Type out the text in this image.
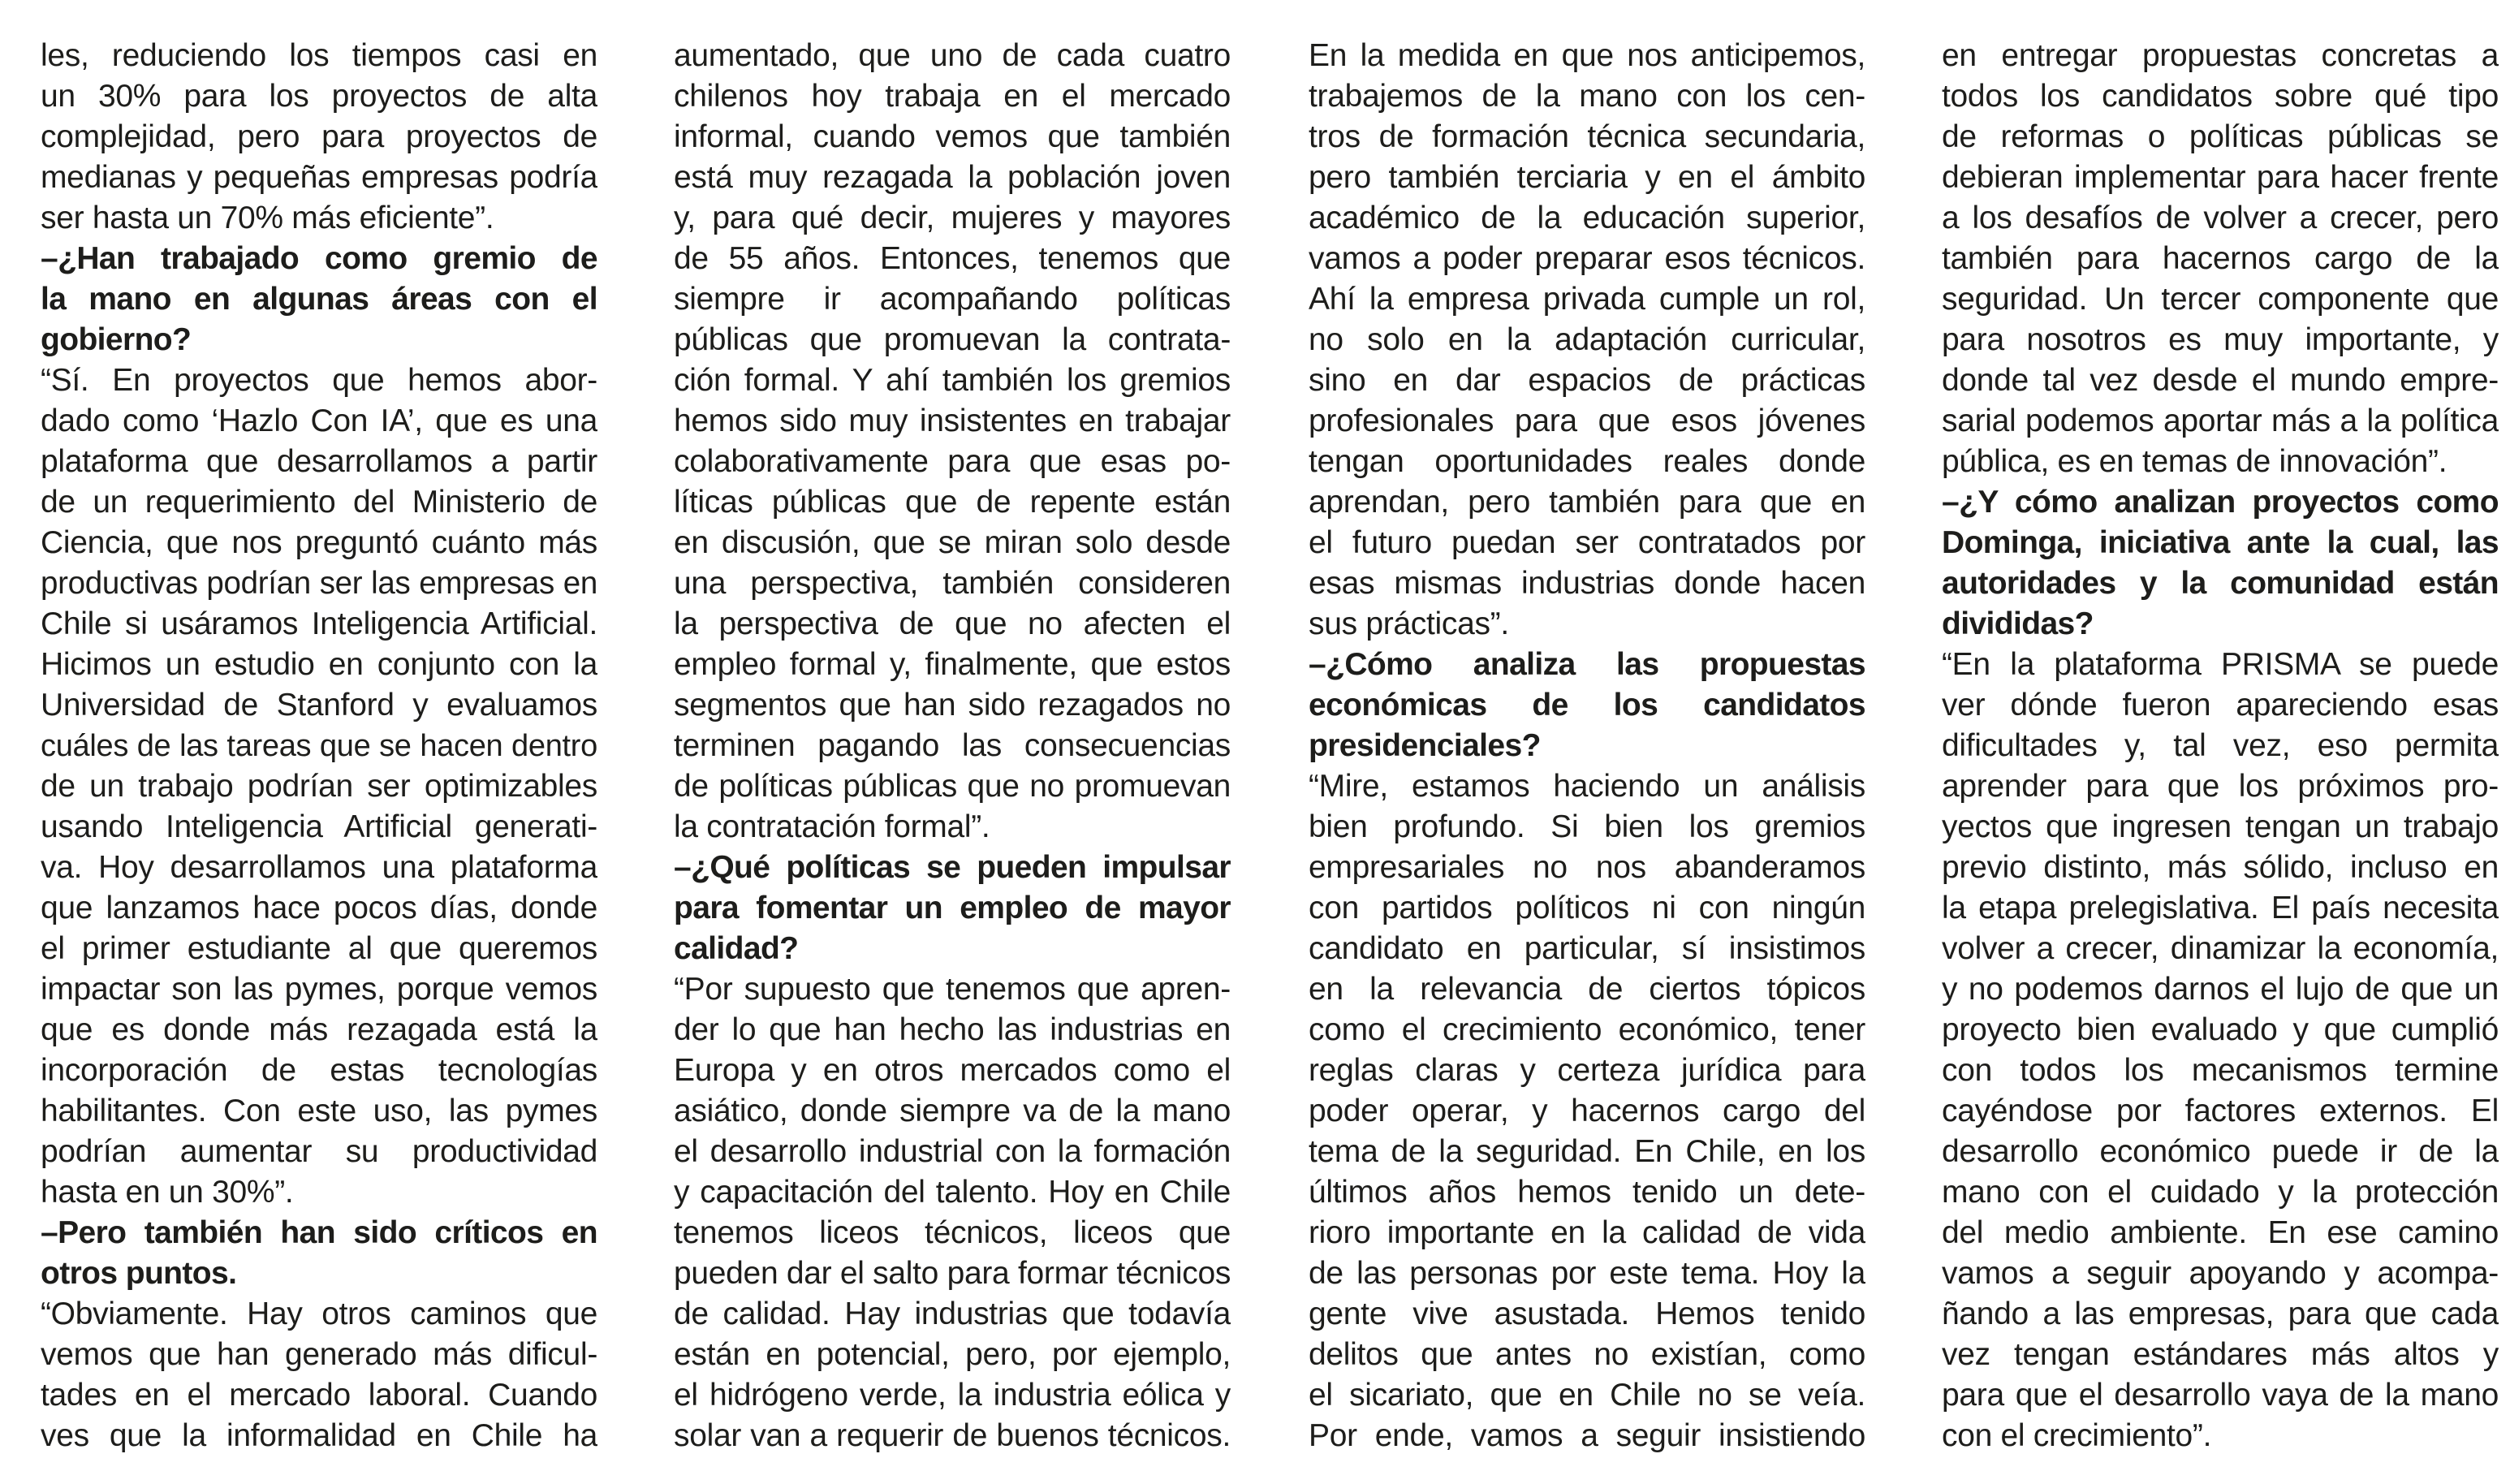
les, reduciendo los tiempos casi en
un 30% para los proyectos de alta
complejidad, pero para proyectos de
medianas y pequeñas empresas podría
ser hasta un 70% más eficiente”.
–¿Han trabajado como gremio de
la mano en algunas áreas con el
gobierno?
“Sí. En proyectos que hemos abor-
dado como ‘Hazlo Con IA’, que es una
plataforma que desarrollamos a partir
de un requerimiento del Ministerio de
Ciencia, que nos preguntó cuánto más
productivas podrían ser las empresas en
Chile si usáramos Inteligencia Artificial.
Hicimos un estudio en conjunto con la
Universidad de Stanford y evaluamos
cuáles de las tareas que se hacen dentro
de un trabajo podrían ser optimizables
usando Inteligencia Artificial generati-
va. Hoy desarrollamos una plataforma
que lanzamos hace pocos días, donde
el primer estudiante al que queremos
impactar son las pymes, porque vemos
que es donde más rezagada está la
incorporación de estas tecnologías
habilitantes. Con este uso, las pymes
podrían aumentar su productividad
hasta en un 30%”.
–Pero también han sido críticos en
otros puntos.
“Obviamente. Hay otros caminos que
vemos que han generado más dificul-
tades en el mercado laboral. Cuando
ves que la informalidad en Chile ha
aumentado, que uno de cada cuatro
chilenos hoy trabaja en el mercado
informal, cuando vemos que también
está muy rezagada la población joven
y, para qué decir, mujeres y mayores
de 55 años. Entonces, tenemos que
siempre ir acompañando políticas
públicas que promuevan la contrata-
ción formal. Y ahí también los gremios
hemos sido muy insistentes en trabajar
colaborativamente para que esas po-
líticas públicas que de repente están
en discusión, que se miran solo desde
una perspectiva, también consideren
la perspectiva de que no afecten el
empleo formal y, finalmente, que estos
segmentos que han sido rezagados no
terminen pagando las consecuencias
de políticas públicas que no promuevan
la contratación formal”.
–¿Qué políticas se pueden impulsar
para fomentar un empleo de mayor
calidad?
“Por supuesto que tenemos que apren-
der lo que han hecho las industrias en
Europa y en otros mercados como el
asiático, donde siempre va de la mano
el desarrollo industrial con la formación
y capacitación del talento. Hoy en Chile
tenemos liceos técnicos, liceos que
pueden dar el salto para formar técnicos
de calidad. Hay industrias que todavía
están en potencial, pero, por ejemplo,
el hidrógeno verde, la industria eólica y
solar van a requerir de buenos técnicos.
En la medida en que nos anticipemos,
trabajemos de la mano con los cen-
tros de formación técnica secundaria,
pero también terciaria y en el ámbito
académico de la educación superior,
vamos a poder preparar esos técnicos.
Ahí la empresa privada cumple un rol,
no solo en la adaptación curricular,
sino en dar espacios de prácticas
profesionales para que esos jóvenes
tengan oportunidades reales donde
aprendan, pero también para que en
el futuro puedan ser contratados por
esas mismas industrias donde hacen
sus prácticas”.
–¿Cómo analiza las propuestas
económicas de los candidatos
presidenciales?
“Mire, estamos haciendo un análisis
bien profundo. Si bien los gremios
empresariales no nos abanderamos
con partidos políticos ni con ningún
candidato en particular, sí insistimos
en la relevancia de ciertos tópicos
como el crecimiento económico, tener
reglas claras y certeza jurídica para
poder operar, y hacernos cargo del
tema de la seguridad. En Chile, en los
últimos años hemos tenido un dete-
rioro importante en la calidad de vida
de las personas por este tema. Hoy la
gente vive asustada. Hemos tenido
delitos que antes no existían, como
el sicariato, que en Chile no se veía.
Por ende, vamos a seguir insistiendo
en entregar propuestas concretas a
todos los candidatos sobre qué tipo
de reformas o políticas públicas se
debieran implementar para hacer frente
a los desafíos de volver a crecer, pero
también para hacernos cargo de la
seguridad. Un tercer componente que
para nosotros es muy importante, y
donde tal vez desde el mundo empre-
sarial podemos aportar más a la política
pública, es en temas de innovación”.
–¿Y cómo analizan proyectos como
Dominga, iniciativa ante la cual, las
autoridades y la comunidad están
divididas?
“En la plataforma PRISMA se puede
ver dónde fueron apareciendo esas
dificultades y, tal vez, eso permita
aprender para que los próximos pro-
yectos que ingresen tengan un trabajo
previo distinto, más sólido, incluso en
la etapa prelegislativa. El país necesita
volver a crecer, dinamizar la economía,
y no podemos darnos el lujo de que un
proyecto bien evaluado y que cumplió
con todos los mecanismos termine
cayéndose por factores externos. El
desarrollo económico puede ir de la
mano con el cuidado y la protección
del medio ambiente. En ese camino
vamos a seguir apoyando y acompa-
ñando a las empresas, para que cada
vez tengan estándares más altos y
para que el desarrollo vaya de la mano
con el crecimiento”.
